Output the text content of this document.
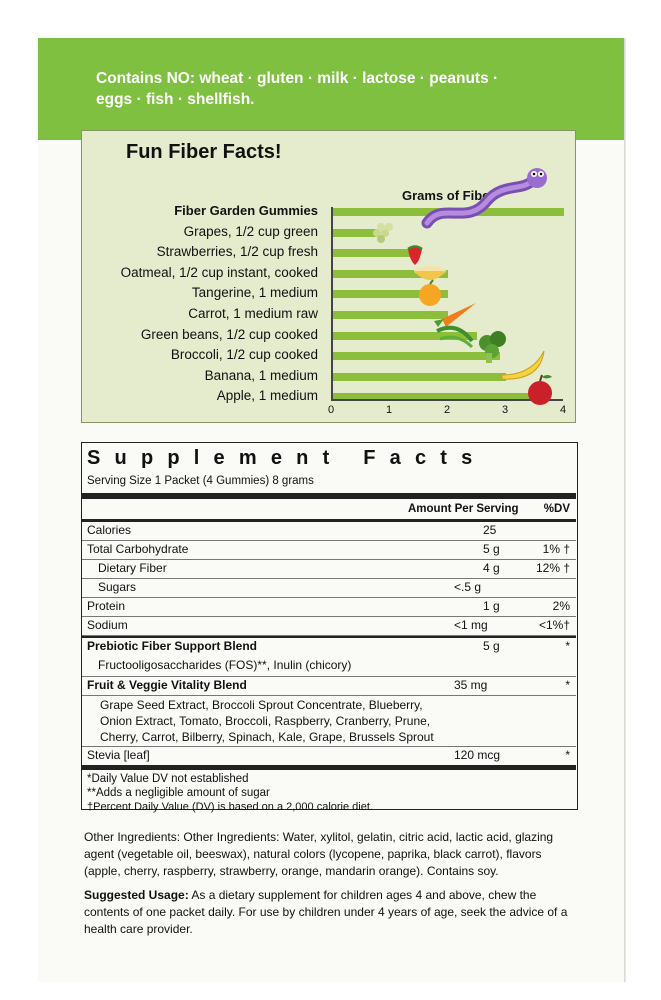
Contains NO: wheat · gluten · milk · lactose · peanuts · eggs · fish · shellfish.
Fun Fiber Facts!
Grams of Fiber
Fiber Garden Gummies
Grapes, 1/2 cup green
Strawberries, 1/2 cup fresh
Oatmeal, 1/2 cup instant, cooked
Tangerine, 1 medium
Carrot, 1 medium raw
Green beans, 1/2 cup cooked
Broccoli, 1/2 cup cooked
Banana, 1 medium
Apple, 1 medium
0	1	2	3	4
Supplement Facts
Serving Size 1 Packet (4 Gummies) 8 grams
Amount Per Serving %DV
Calories	25
Total Carbohydrate	5 g	1% †
Dietary Fiber	4 g	12% †
Sugars	<.5 g
Protein	1 g	2%
Sodium	<1 mg	<1%†
Prebiotic Fiber Support Blend	5 g	*
Fructooligosaccharides (FOS)**, Inulin (chicory)
Fruit & Veggie Vitality Blend	35 mg	*
Grape Seed Extract, Broccoli Sprout Concentrate, Blueberry,
Onion Extract, Tomato, Broccoli, Raspberry, Cranberry, Prune,
Cherry, Carrot, Bilberry, Spinach, Kale, Grape, Brussels Sprout
Stevia [leaf]	120 mcg	*
*Daily Value DV not established
**Adds a negligible amount of sugar
†Percent Daily Value (DV) is based on a 2,000 calorie diet.
Other Ingredients: Other Ingredients: Water, xylitol, gelatin, citric acid, lactic acid, glazing agent (vegetable oil, beeswax), natural colors (lycopene, paprika, black carrot), flavors (apple, cherry, raspberry, strawberry, orange, mandarin orange). Contains soy.
Suggested Usage: As a dietary supplement for children ages 4 and above, chew the contents of one packet daily. For use by children under 4 years of age, seek the advice of a health care provider.
